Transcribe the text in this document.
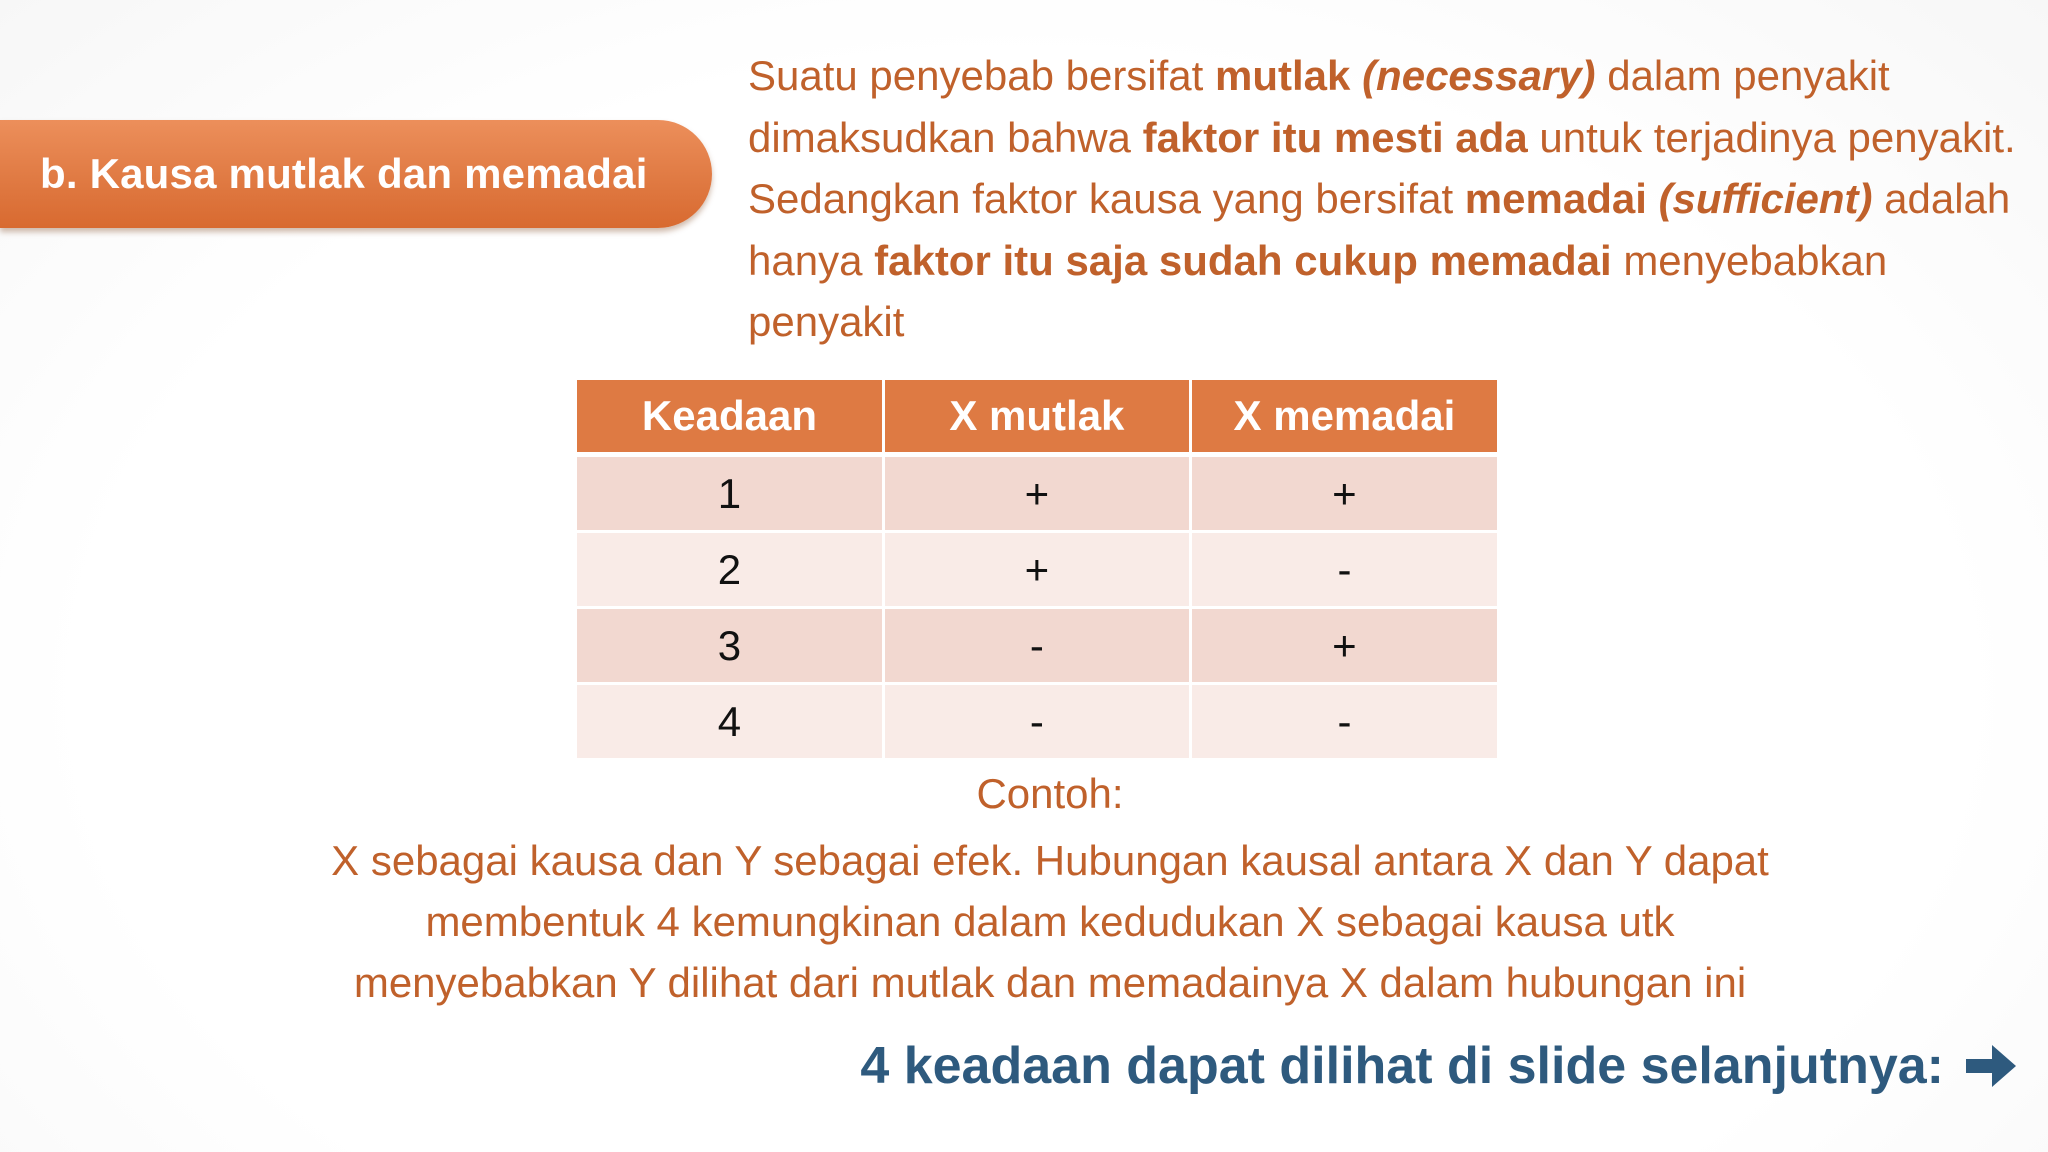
b. Kausa mutlak dan memadai
Suatu penyebab bersifat mutlak (necessary) dalam penyakit dimaksudkan bahwa faktor itu mesti ada untuk terjadinya penyakit. Sedangkan faktor kausa yang bersifat memadai (sufficient) adalah hanya faktor itu saja sudah cukup memadai menyebabkan penyakit
Keadaan	X mutlak	X memadai
1	+	+
2	+	-
3	-	+
4	-	-
Contoh:
X sebagai kausa dan Y sebagai efek. Hubungan kausal antara X dan Y dapat
membentuk 4 kemungkinan dalam kedudukan X sebagai kausa utk
menyebabkan Y dilihat dari mutlak dan memadainya X dalam hubungan ini
4 keadaan dapat dilihat di slide selanjutnya:
